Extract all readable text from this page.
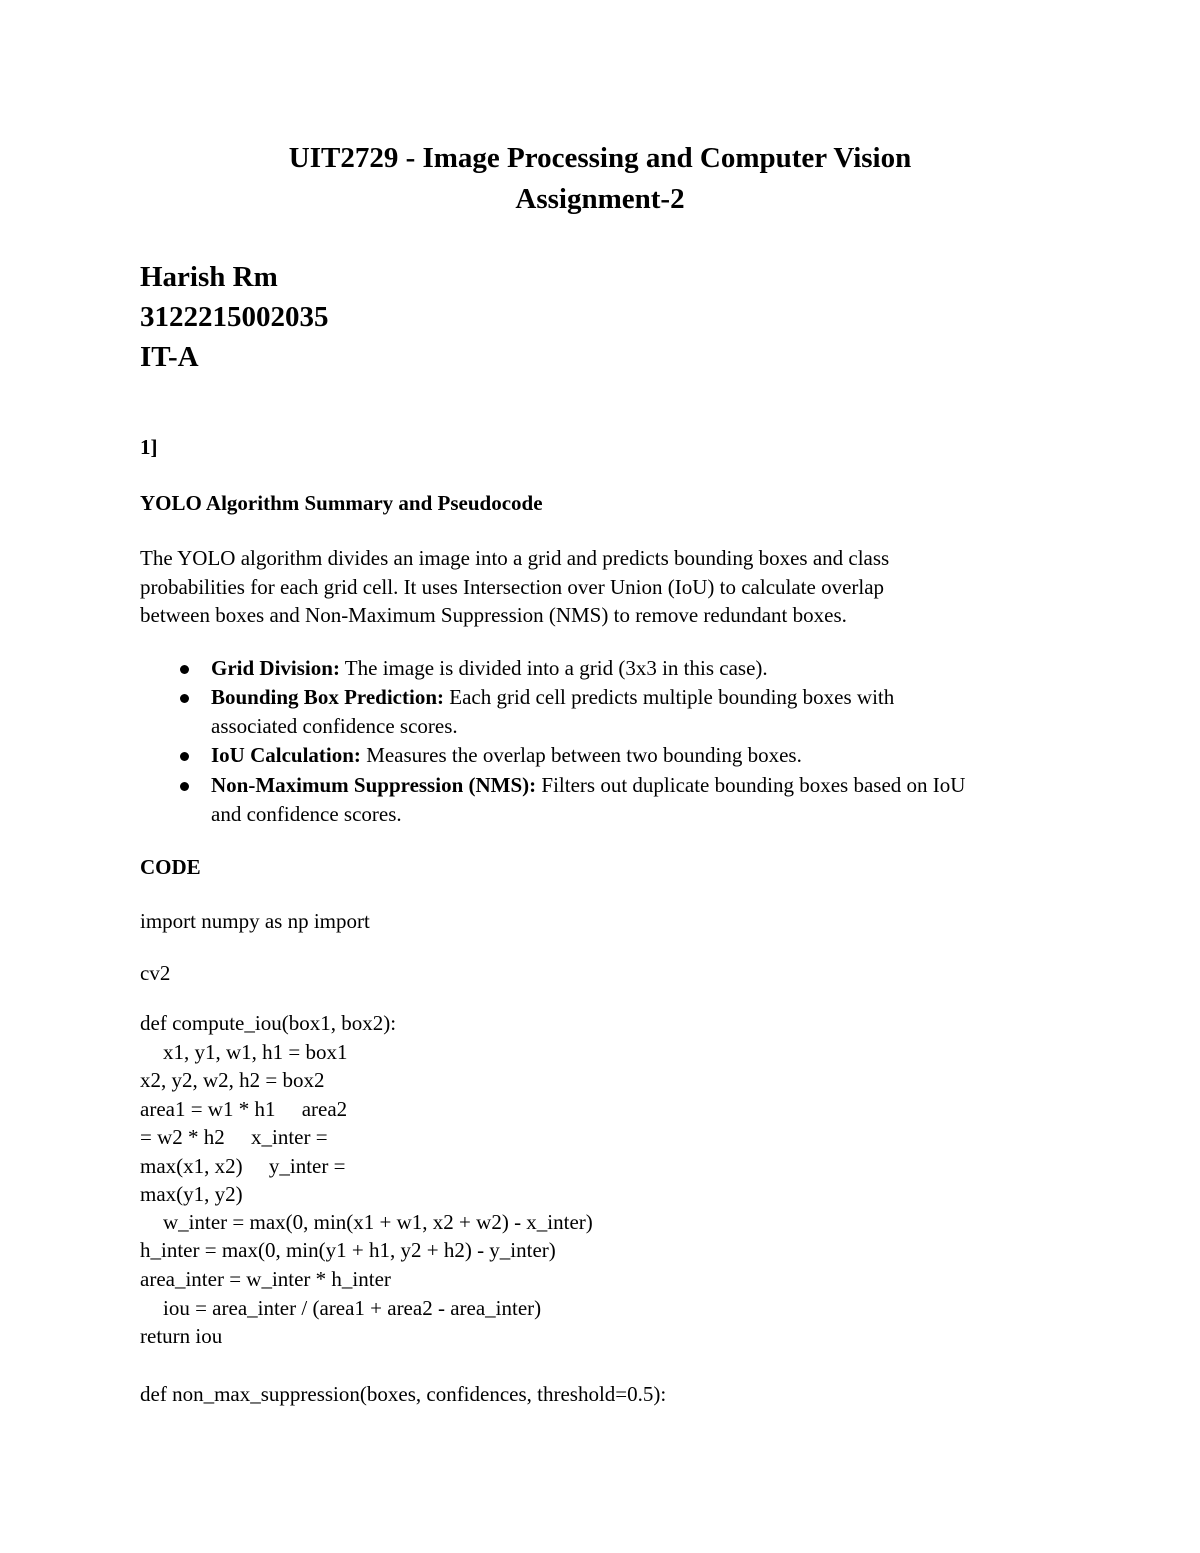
UIT2729 - Image Processing and Computer Vision
Assignment-2
Harish Rm
3122215002035
IT-A
1]
YOLO Algorithm Summary and Pseudocode
The YOLO algorithm divides an image into a grid and predicts bounding boxes and class
probabilities for each grid cell. It uses Intersection over Union (IoU) to calculate overlap
between boxes and Non-Maximum Suppression (NMS) to remove redundant boxes.
Grid Division: The image is divided into a grid (3x3 in this case).
Bounding Box Prediction: Each grid cell predicts multiple bounding boxes with
associated confidence scores.
IoU Calculation: Measures the overlap between two bounding boxes.
Non-Maximum Suppression (NMS): Filters out duplicate bounding boxes based on IoU
and confidence scores.
CODE
import numpy as np import
cv2
def compute_iou(box1, box2):
x1, y1, w1, h1 = box1
x2, y2, w2, h2 = box2
area1 = w1 * h1     area2
= w2 * h2     x_inter =
max(x1, x2)     y_inter =
max(y1, y2)
w_inter = max(0, min(x1 + w1, x2 + w2) - x_inter)
h_inter = max(0, min(y1 + h1, y2 + h2) - y_inter)
area_inter = w_inter * h_inter
iou = area_inter / (area1 + area2 - area_inter)
return iou
def non_max_suppression(boxes, confidences, threshold=0.5):
